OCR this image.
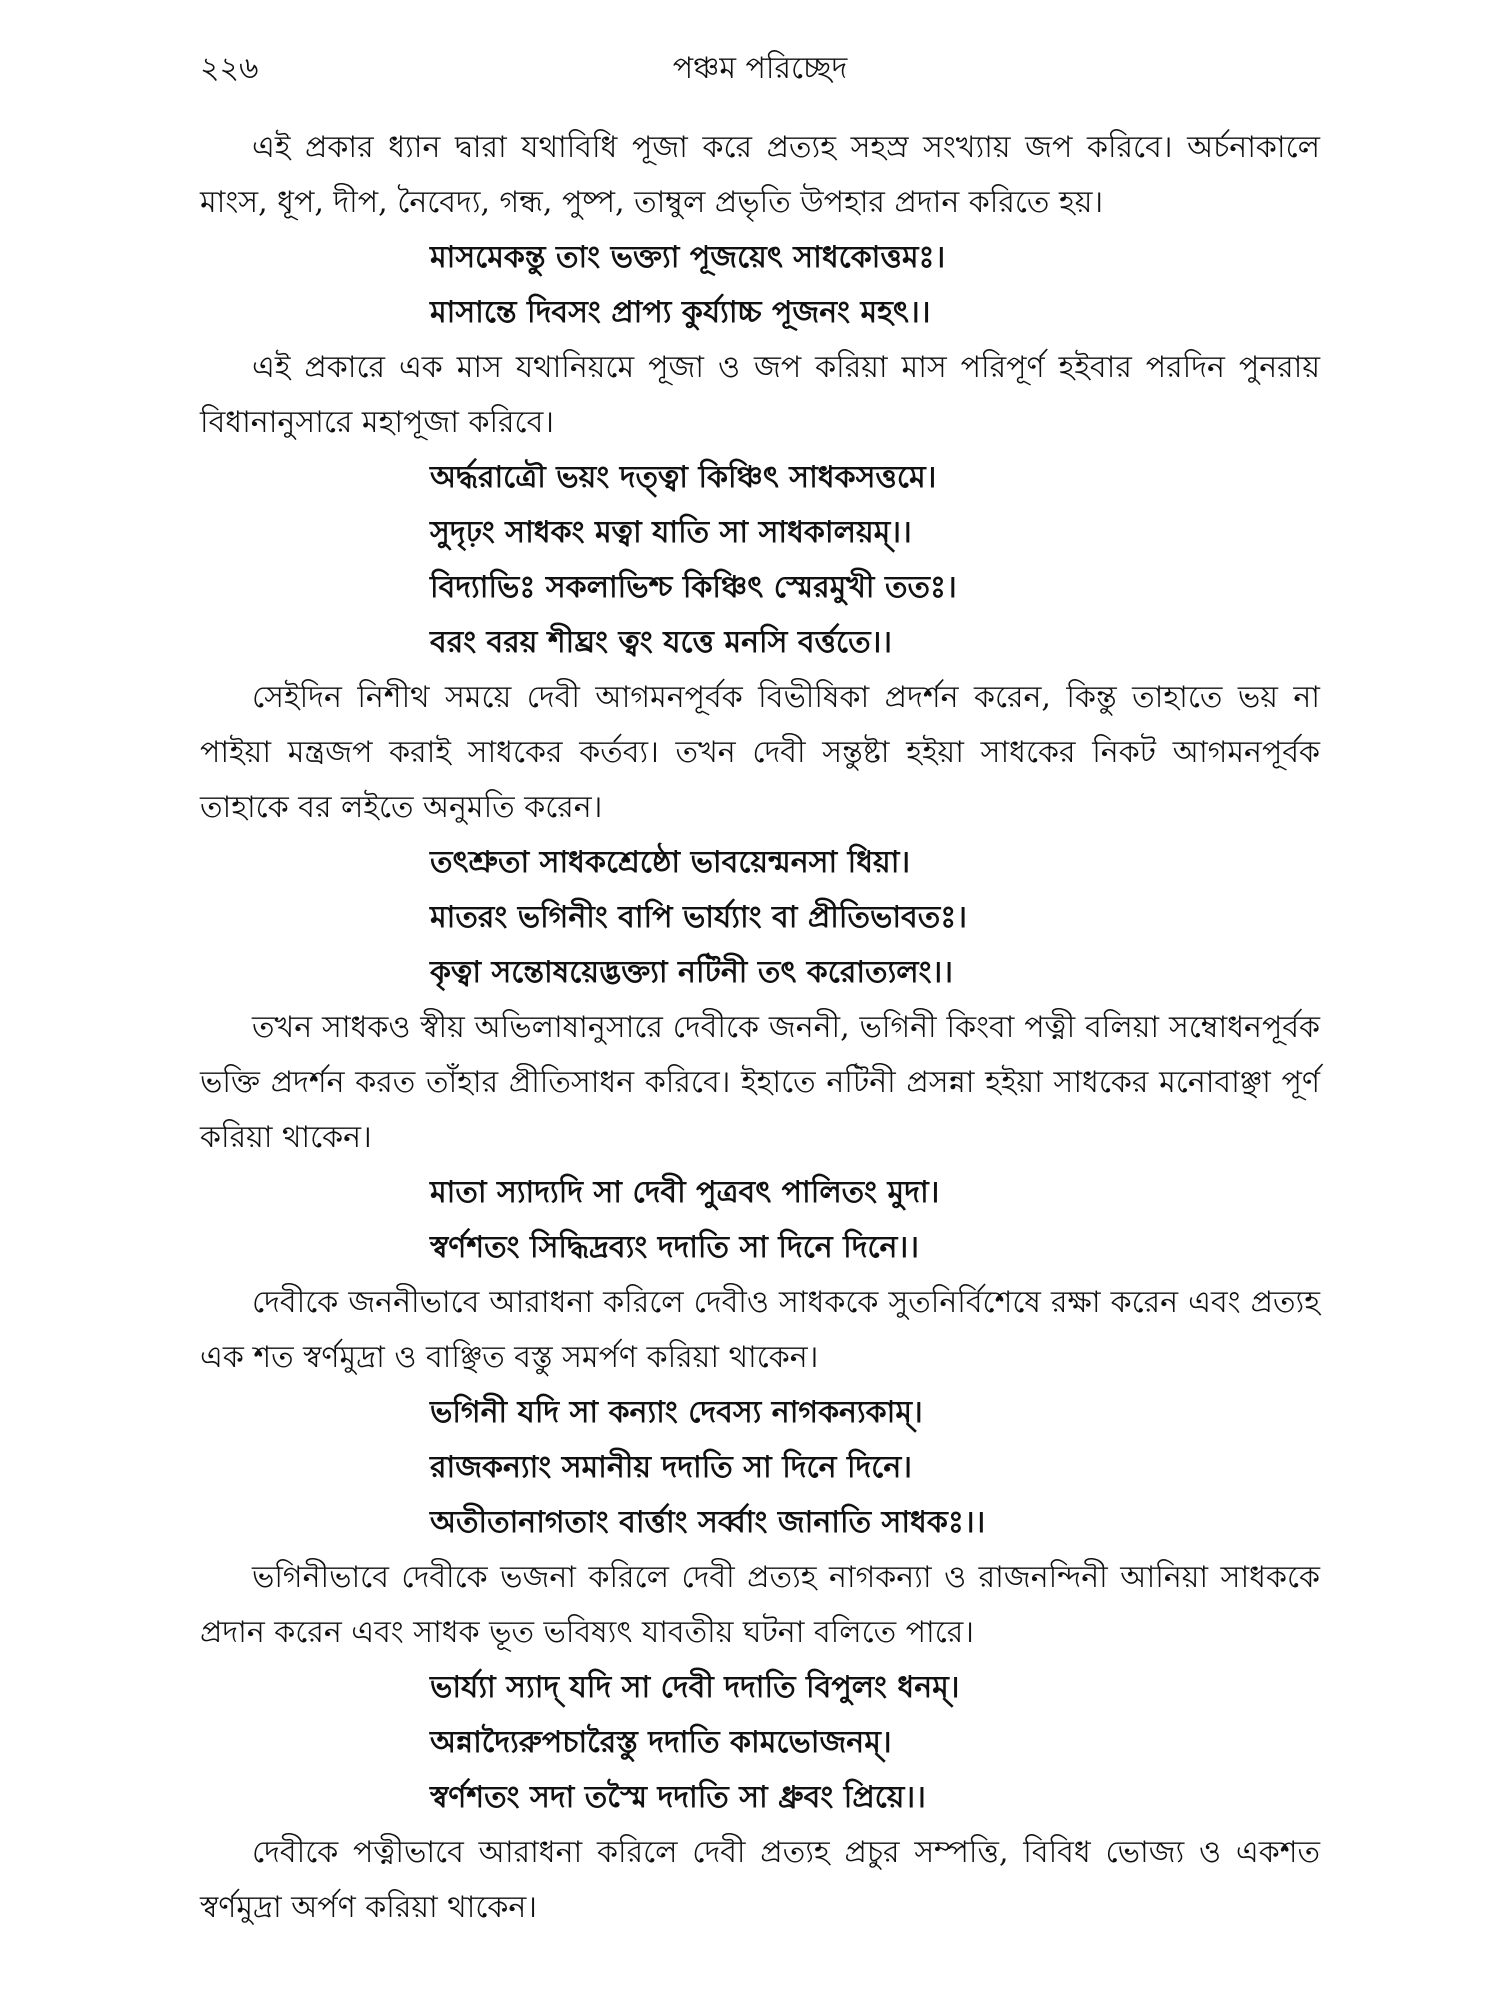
২২৬	পঞ্চম পরিচ্ছেদ

এই প্রকার ধ্যান দ্বারা যথাবিধি পূজা করে প্রত্যহ সহস্র সংখ্যায় জপ করিবে। অর্চনাকালে মাংস, ধূপ, দীপ, নৈবেদ্য, গন্ধ, পুষ্প, তাম্বুল প্রভৃতি উপহার প্রদান করিতে হয়।

মাসমেকন্তু তাং ভক্ত্যা পূজয়েৎ সাধকোত্তমঃ।
মাসান্তে দিবসং প্রাপ্য কুর্য্যাচ্চ পূজনং মহৎ।।

এই প্রকারে এক মাস যথানিয়মে পূজা ও জপ করিয়া মাস পরিপূর্ণ হইবার পরদিন পুনরায় বিধানানুসারে মহাপূজা করিবে।

অর্দ্ধরাত্রৌ ভয়ং দত্ত্বা কিঞ্চিৎ সাধকসত্তমে।
সুদৃঢ়ং সাধকং মত্বা যাতি সা সাধকালয়ম্।।
বিদ্যাভিঃ সকলাভিশ্চ কিঞ্চিৎ স্মেরমুখী ততঃ।
বরং বরয় শীঘ্রং ত্বং যত্তে মনসি বর্ত্ততে।।

সেইদিন নিশীথ সময়ে দেবী আগমনপূর্বক বিভীষিকা প্রদর্শন করেন, কিন্তু তাহাতে ভয় না পাইয়া মন্ত্রজপ করাই সাধকের কর্তব্য। তখন দেবী সন্তুষ্টা হইয়া সাধকের নিকট আগমনপূর্বক তাহাকে বর লইতে অনুমতি করেন।

তৎশ্রুতা সাধকশ্রেষ্ঠো ভাবয়েন্মনসা ধিয়া।
মাতরং ভগিনীং বাপি ভার্য্যাং বা প্রীতিভাবতঃ।
কৃত্বা সন্তোষয়েদ্ভক্ত্যা নটিনী তৎ করোত্যলং।।

তখন সাধকও স্বীয় অভিলাষানুসারে দেবীকে জননী, ভগিনী কিংবা পত্নী বলিয়া সম্বোধনপূর্বক ভক্তি প্রদর্শন করত তাঁহার প্রীতিসাধন করিবে। ইহাতে নটিনী প্রসন্না হইয়া সাধকের মনোবাঞ্ছা পূর্ণ করিয়া থাকেন।

মাতা স্যাদ্যদি সা দেবী পুত্রবৎ পালিতং মুদা।
স্বর্ণশতং সিদ্ধিদ্রব্যং দদাতি সা দিনে দিনে।।

দেবীকে জননীভাবে আরাধনা করিলে দেবীও সাধককে সুতনির্বিশেষে রক্ষা করেন এবং প্রত্যহ এক শত স্বর্ণমুদ্রা ও বাঞ্ছিত বস্তু সমর্পণ করিয়া থাকেন।

ভগিনী যদি সা কন্যাং দেবস্য নাগকন্যকাম্।
রাজকন্যাং সমানীয় দদাতি সা দিনে দিনে।
অতীতানাগতাং বার্ত্তাং সর্ব্বাং জানাতি সাধকঃ।।

ভগিনীভাবে দেবীকে ভজনা করিলে দেবী প্রত্যহ নাগকন্যা ও রাজনন্দিনী আনিয়া সাধককে প্রদান করেন এবং সাধক ভূত ভবিষ্যৎ যাবতীয় ঘটনা বলিতে পারে।

ভার্য্যা স্যাদ্ যদি সা দেবী দদাতি বিপুলং ধনম্।
অন্নাদ্যৈরুপচারৈস্তু দদাতি কামভোজনম্।
স্বর্ণশতং সদা তস্মৈ দদাতি সা ধ্রুবং প্রিয়ে।।

দেবীকে পত্নীভাবে আরাধনা করিলে দেবী প্রত্যহ প্রচুর সম্পত্তি, বিবিধ ভোজ্য ও একশত স্বর্ণমুদ্রা অর্পণ করিয়া থাকেন।
